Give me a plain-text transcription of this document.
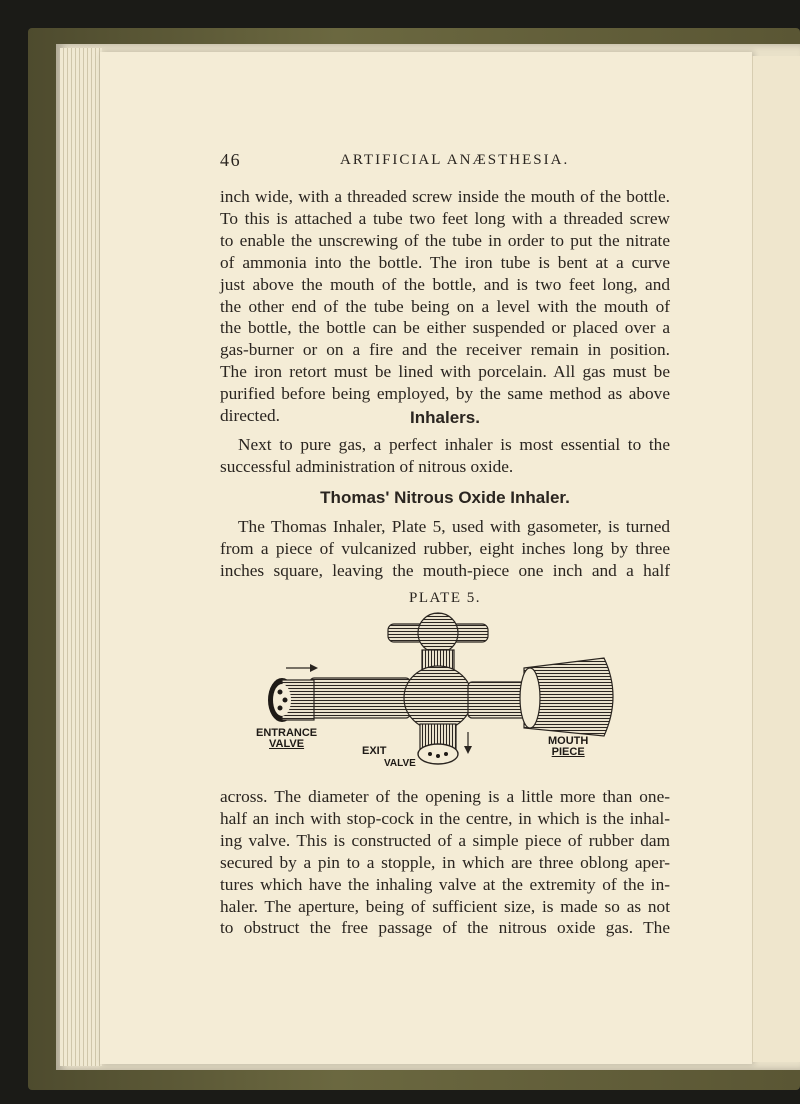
46	ARTIFICIAL ANÆSTHESIA.
inch wide, with a threaded screw inside the mouth of the bottle.
To this is attached a tube two feet long with a threaded screw
to enable the unscrewing of the tube in order to put the nitrate
of ammonia into the bottle. The iron tube is bent at a curve
just above the mouth of the bottle, and is two feet long, and
the other end of the tube being on a level with the mouth of
the bottle, the bottle can be either suspended or placed over a
gas-burner or on a fire and the receiver remain in position.
The iron retort must be lined with porcelain. All gas must be
purified before being employed, by the same method as above
directed.	Inhalers.
Next to pure gas, a perfect inhaler is most essential to the
successful administration of nitrous oxide.
Thomas' Nitrous Oxide Inhaler.
The Thomas Inhaler, Plate 5, used with gasometer, is turned
from a piece of vulcanized rubber, eight inches long by three
inches square, leaving the mouth-piece one inch and a half
PLATE 5.
ENTRANCE
VALVE
EXIT
VALVE
MOUTH
PIECE
across. The diameter of the opening is a little more than one-
half an inch with stop-cock in the centre, in which is the inhal-
ing valve. This is constructed of a simple piece of rubber dam
secured by a pin to a stopple, in which are three oblong aper-
tures which have the inhaling valve at the extremity of the in-
haler. The aperture, being of sufficient size, is made so as not
to obstruct the free passage of the nitrous oxide gas. The
